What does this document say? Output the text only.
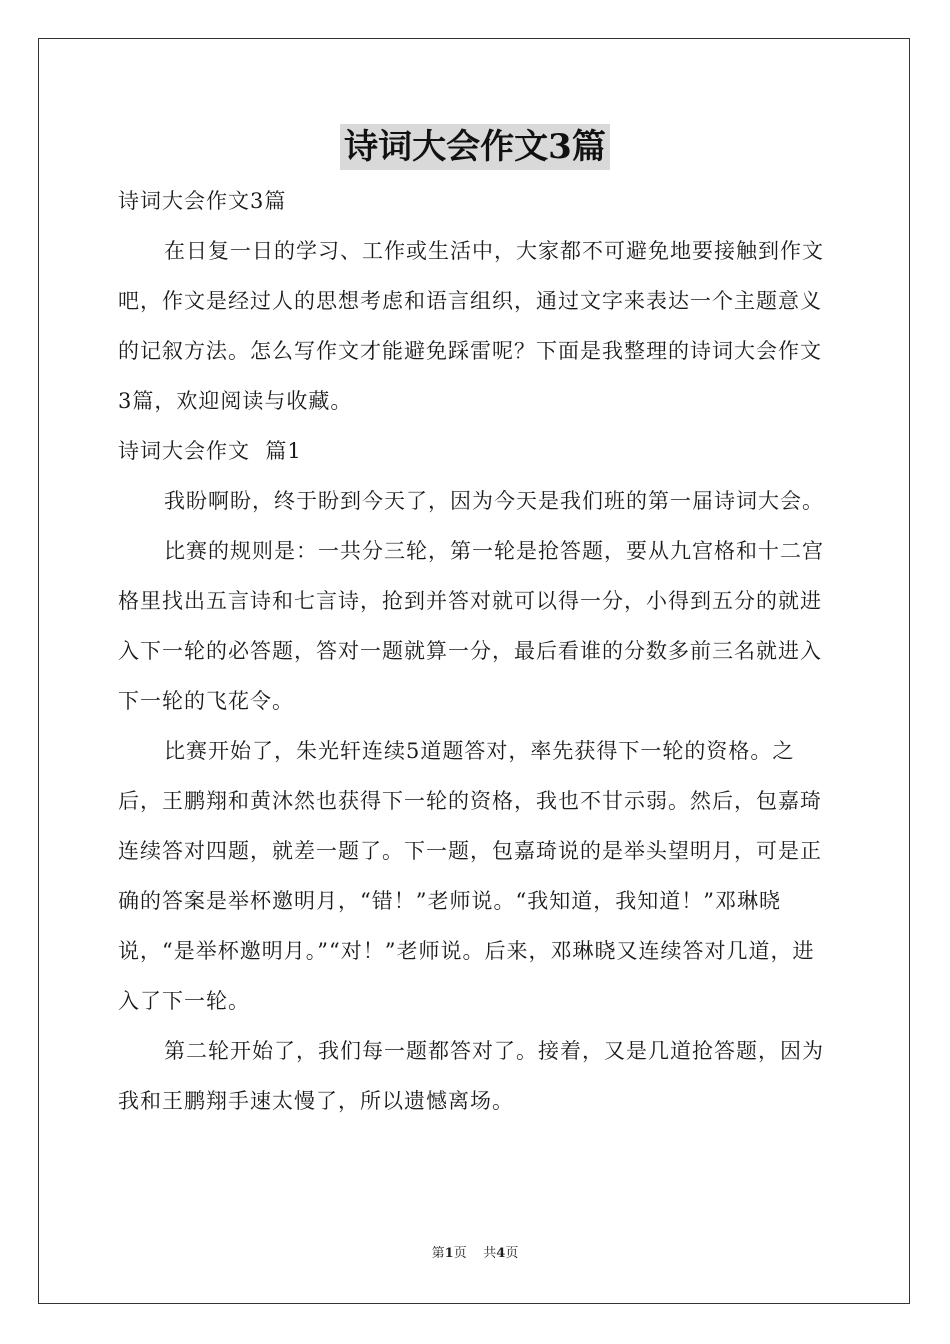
诗词大会作文3篇

诗词大会作文3篇

在日复一日的学习、工作或生活中，大家都不可避免地要接触到作文吧，作文是经过人的思想考虑和语言组织，通过文字来表达一个主题意义的记叙方法。怎么写作文才能避免踩雷呢？下面是我整理的诗词大会作文3篇，欢迎阅读与收藏。

诗词大会作文  篇1

我盼啊盼，终于盼到今天了，因为今天是我们班的第一届诗词大会。

比赛的规则是：一共分三轮，第一轮是抢答题，要从九宫格和十二宫格里找出五言诗和七言诗，抢到并答对就可以得一分，小得到五分的就进入下一轮的必答题，答对一题就算一分，最后看谁的分数多前三名就进入下一轮的飞花令。

比赛开始了，朱光轩连续5道题答对，率先获得下一轮的资格。之后，王鹏翔和黄沐然也获得下一轮的资格，我也不甘示弱。然后，包嘉琦连续答对四题，就差一题了。下一题，包嘉琦说的是举头望明月，可是正确的答案是举杯邀明月，“错！”老师说。“我知道，我知道！”邓琳晓说，“是举杯邀明月。”“对！”老师说。后来，邓琳晓又连续答对几道，进入了下一轮。

第二轮开始了，我们每一题都答对了。接着，又是几道抢答题，因为我和王鹏翔手速太慢了，所以遗憾离场。

第1页 共4页
